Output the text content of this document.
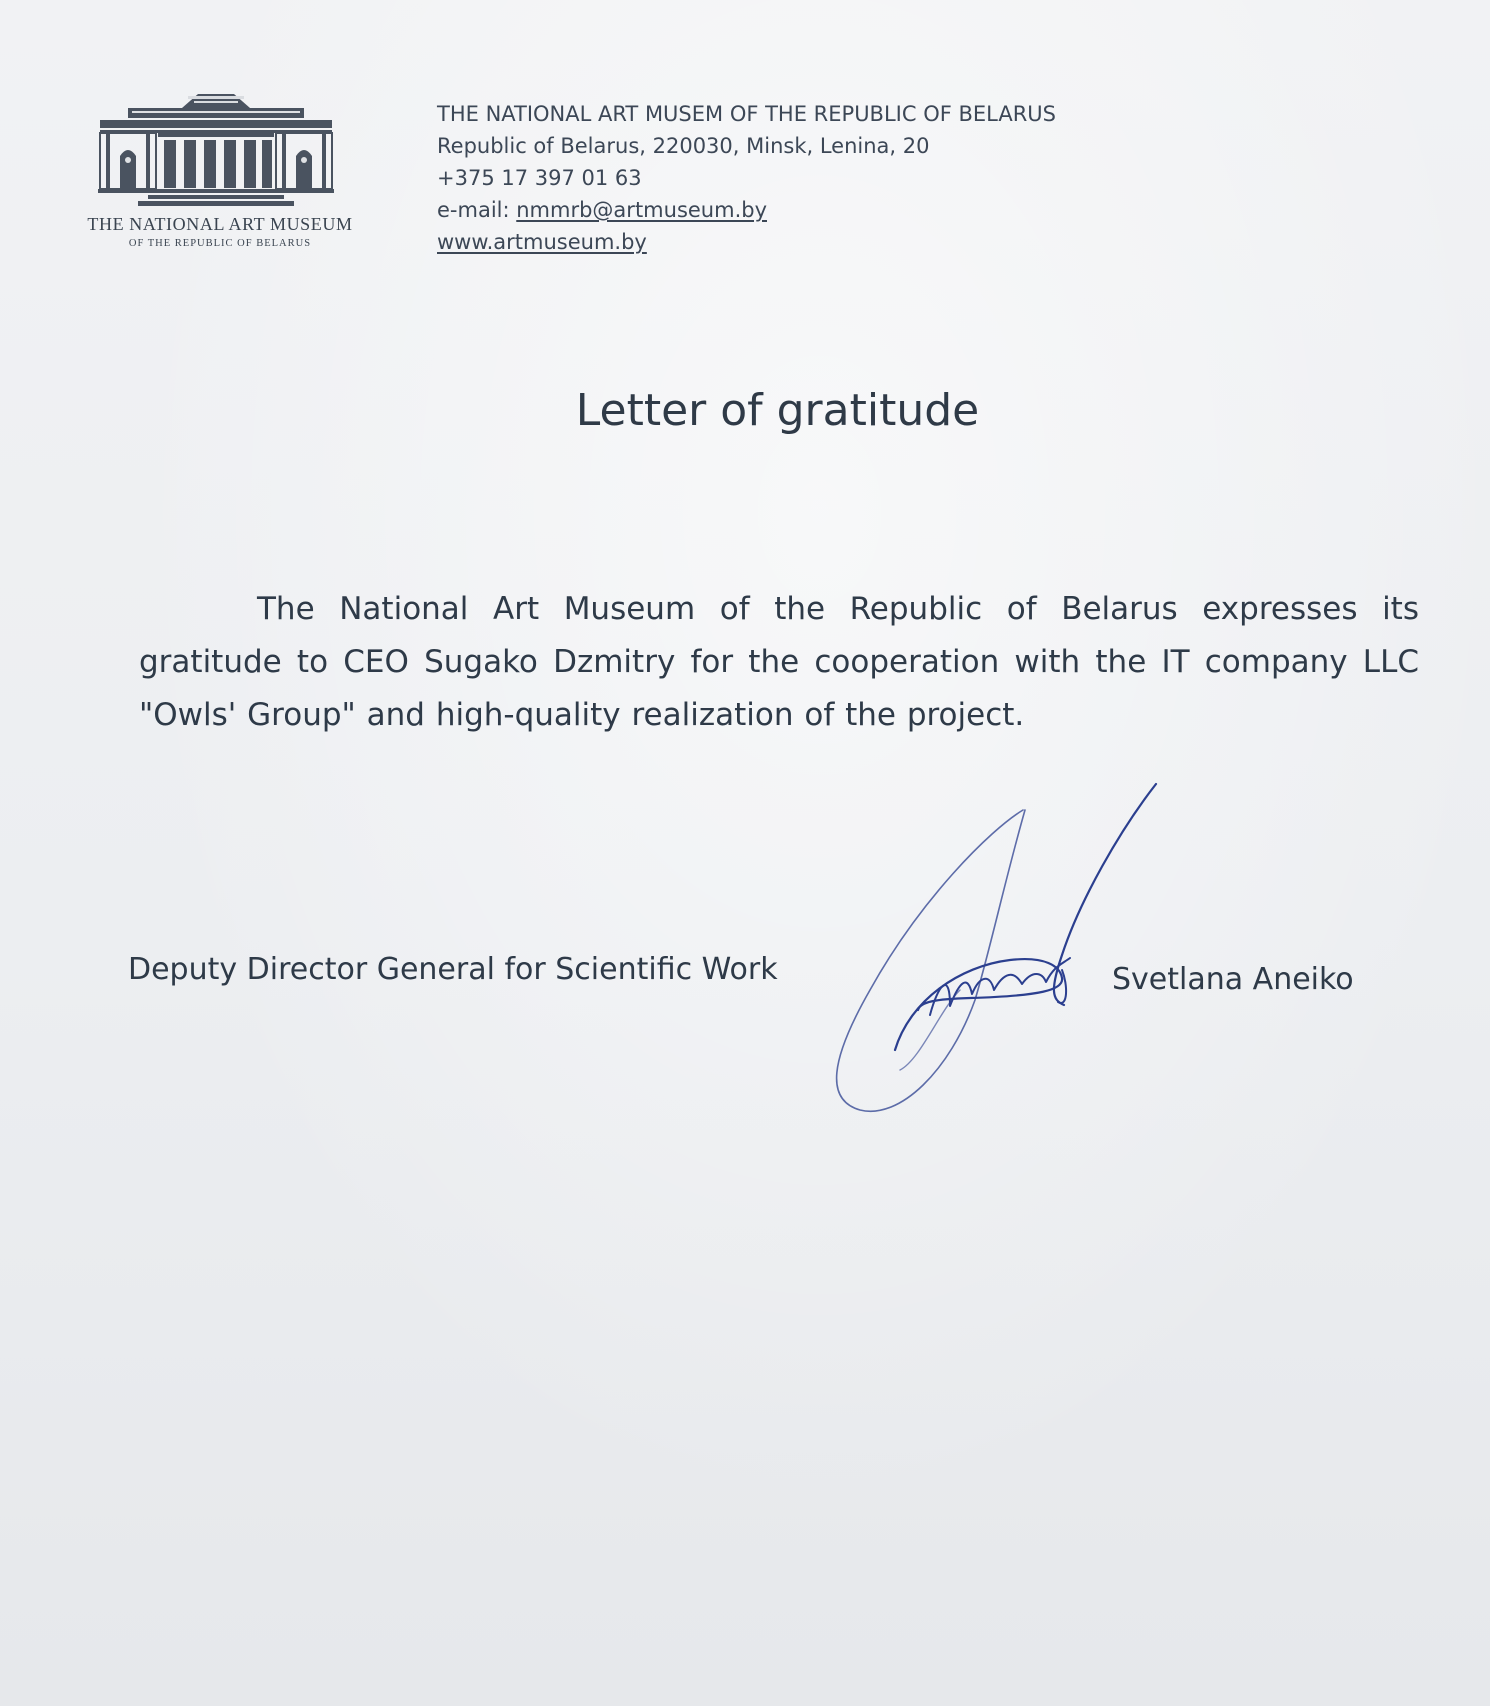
THE NATIONAL ART MUSEUM
OF THE REPUBLIC OF BELARUS
THE NATIONAL ART MUSEM OF THE REPUBLIC OF BELARUS
Republic of Belarus, 220030, Minsk, Lenina, 20
+375 17 397 01 63
e-mail: nmmrb@artmuseum.by
www.artmuseum.by
Letter of gratitude
The National Art Museum of the Republic of Belarus expresses its gratitude to CEO Sugako Dzmitry for the cooperation with the IT company LLC "Owls' Group" and high-quality realization of the project.
Deputy Director General for Scientific Work	Svetlana Aneiko
